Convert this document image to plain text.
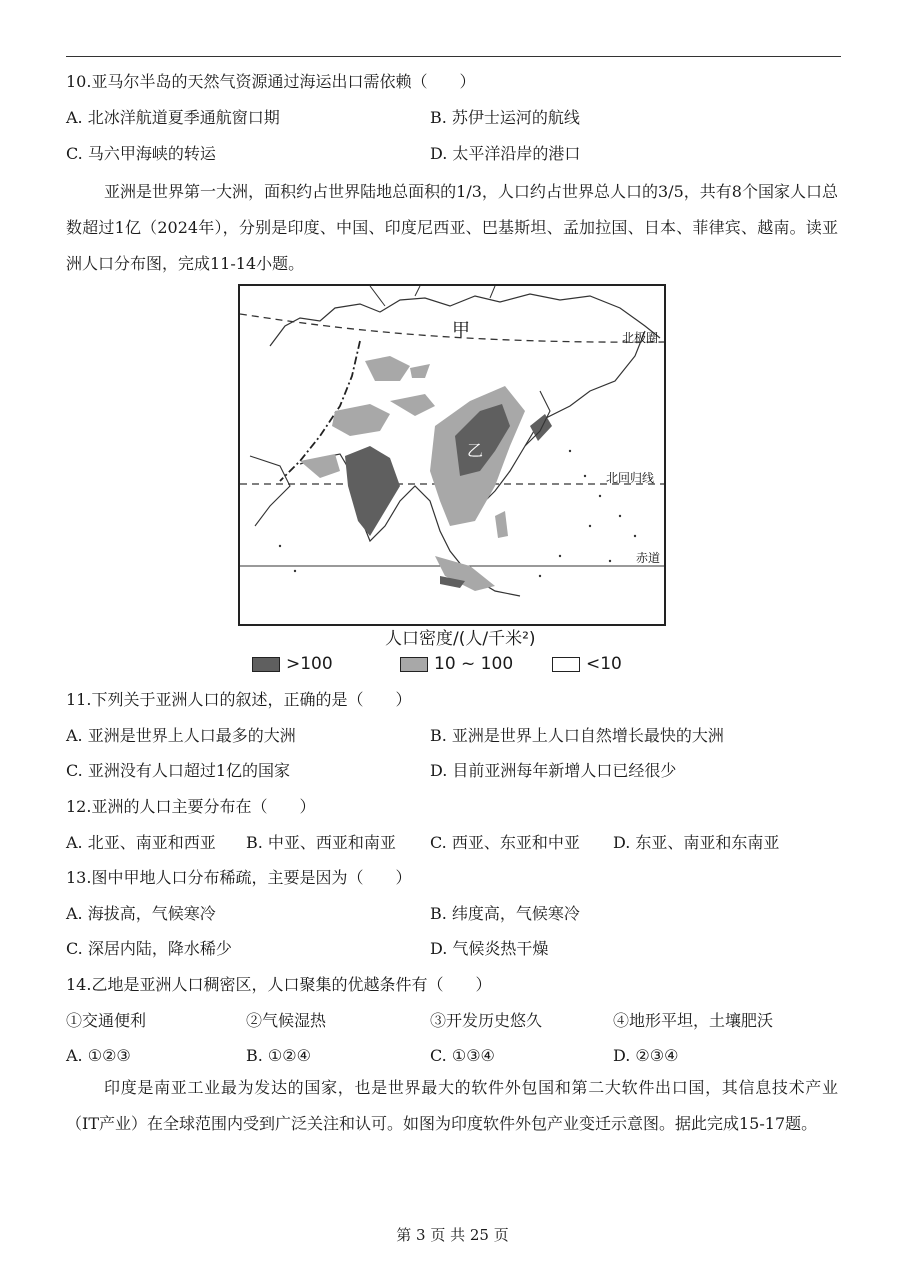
10.亚马尔半岛的天然气资源通过海运出口需依赖（　　）
A. 北冰洋航道夏季通航窗口期	B. 苏伊士运河的航线
C. 马六甲海峡的转运	D. 太平洋沿岸的港口
亚洲是世界第一大洲，面积约占世界陆地总面积的1/3，人口约占世界总人口的3/5，共有8个国家人口总数超过1亿（2024年），分别是印度、中国、印度尼西亚、巴基斯坦、孟加拉国、日本、菲律宾、越南。读亚洲人口分布图，完成11-14小题。
甲
乙
北极圈
北回归线
赤道
人口密度/(人/千米²)
>100	10 ~ 100	<10
11.下列关于亚洲人口的叙述，正确的是（　　）
A. 亚洲是世界上人口最多的大洲	B. 亚洲是世界上人口自然增长最快的大洲
C. 亚洲没有人口超过1亿的国家	D. 目前亚洲每年新增人口已经很少
12.亚洲的人口主要分布在（　　）
A. 北亚、南亚和西亚 B. 中亚、西亚和南亚 C. 西亚、东亚和中亚 D. 东亚、南亚和东南亚
13.图中甲地人口分布稀疏，主要是因为（　　）
A. 海拔高，气候寒冷	B. 纬度高，气候寒冷
C. 深居内陆，降水稀少	D. 气候炎热干燥
14.乙地是亚洲人口稠密区，人口聚集的优越条件有（　　）
①交通便利	②气候湿热	③开发历史悠久	④地形平坦，土壤肥沃
A. ①②③	B. ①②④	C. ①③④	D. ②③④
印度是南亚工业最为发达的国家，也是世界最大的软件外包国和第二大软件出口国，其信息技术产业（IT产业）在全球范围内受到广泛关注和认可。如图为印度软件外包产业变迁示意图。据此完成15-17题。
第 3 页 共 25 页
